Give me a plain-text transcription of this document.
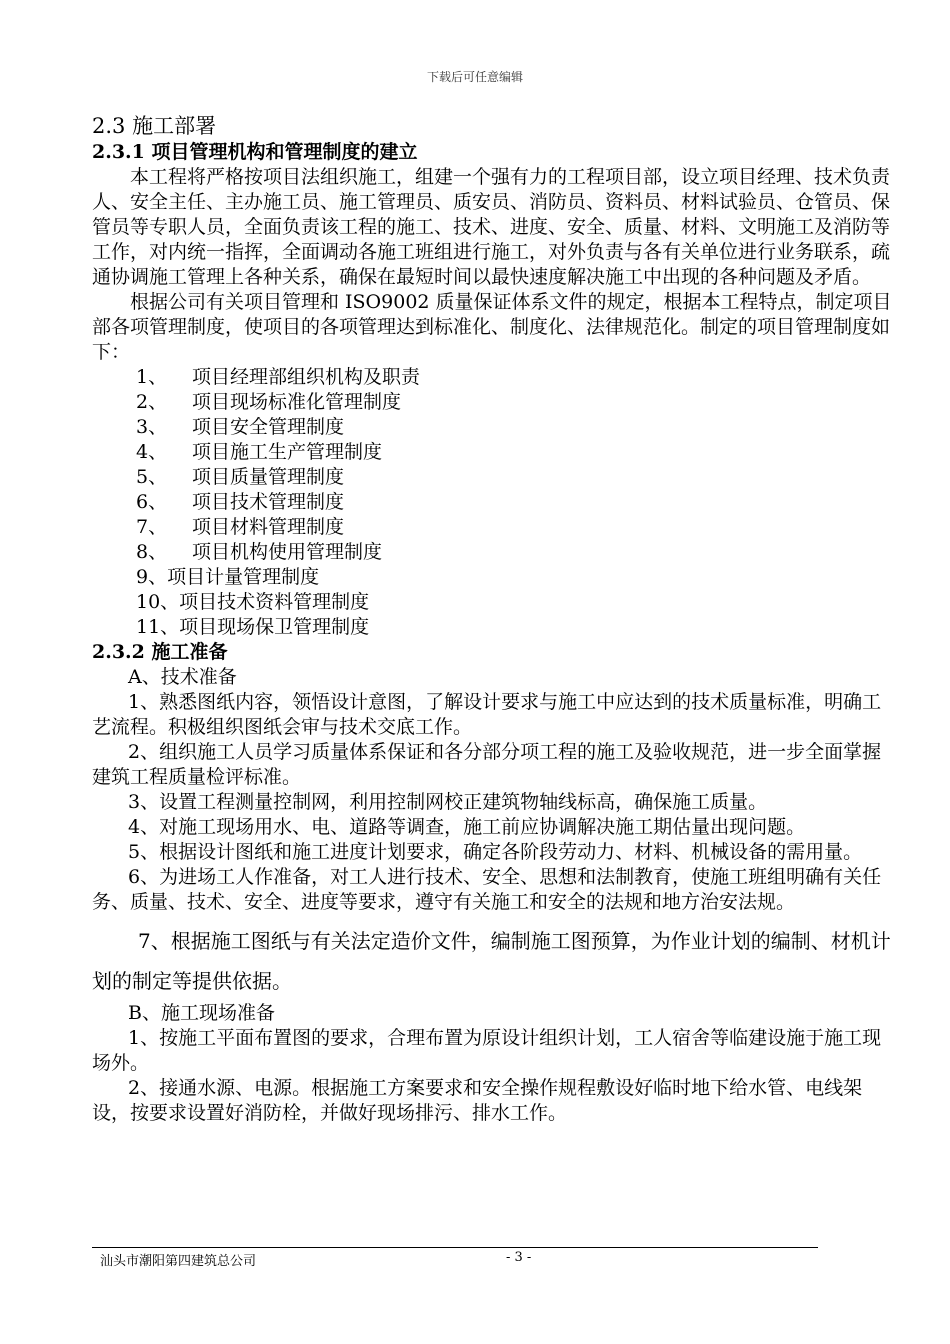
下载后可任意编辑
2.3 施工部署
2.3.1 项目管理机构和管理制度的建立

本工程将严格按项目法组织施工，组建一个强有力的工程项目部，设立项目经理、技术负责人、安全主任、主办施工员、施工管理员、质安员、消防员、资料员、材料试验员、仓管员、保管员等专职人员，全面负责该工程的施工、技术、进度、安全、质量、材料、文明施工及消防等工作，对内统一指挥，全面调动各施工班组进行施工，对外负责与各有关单位进行业务联系，疏通协调施工管理上各种关系，确保在最短时间以最快速度解决施工中出现的各种问题及矛盾。

根据公司有关项目管理和 ISO9002 质量保证体系文件的规定，根据本工程特点，制定项目部各项管理制度，使项目的各项管理达到标准化、制度化、法律规范化。制定的项目管理制度如下：

1、 项目经理部组织机构及职责

2、 项目现场标准化管理制度

3、 项目安全管理制度

4、 项目施工生产管理制度

5、 项目质量管理制度

6、 项目技术管理制度

7、 项目材料管理制度

8、 项目机构使用管理制度

9、项目计量管理制度

10、项目技术资料管理制度

11、项目现场保卫管理制度

2.3.2 施工准备

A、技术准备

1、熟悉图纸内容，领悟设计意图，了解设计要求与施工中应达到的技术质量标准，明确工艺流程。积极组织图纸会审与技术交底工作。

2、组织施工人员学习质量体系保证和各分部分项工程的施工及验收规范，进一步全面掌握建筑工程质量检评标准。

3、设置工程测量控制网，利用控制网校正建筑物轴线标高，确保施工质量。

4、对施工现场用水、电、道路等调查，施工前应协调解决施工期估量出现问题。

5、根据设计图纸和施工进度计划要求，确定各阶段劳动力、材料、机械设备的需用量。

6、为进场工人作准备，对工人进行技术、安全、思想和法制教育，使施工班组明确有关任务、质量、技术、安全、进度等要求，遵守有关施工和安全的法规和地方治安法规。

7、根据施工图纸与有关法定造价文件，编制施工图预算，为作业计划的编制、材机计划的制定等提供依据。

B、施工现场准备

1、按施工平面布置图的要求，合理布置为原设计组织计划，工人宿舍等临建设施于施工现场外。

2、接通水源、电源。根据施工方案要求和安全操作规程敷设好临时地下给水管、电线架设，按要求设置好消防栓，并做好现场排污、排水工作。

汕头市潮阳第四建筑总公司	- 3 -
